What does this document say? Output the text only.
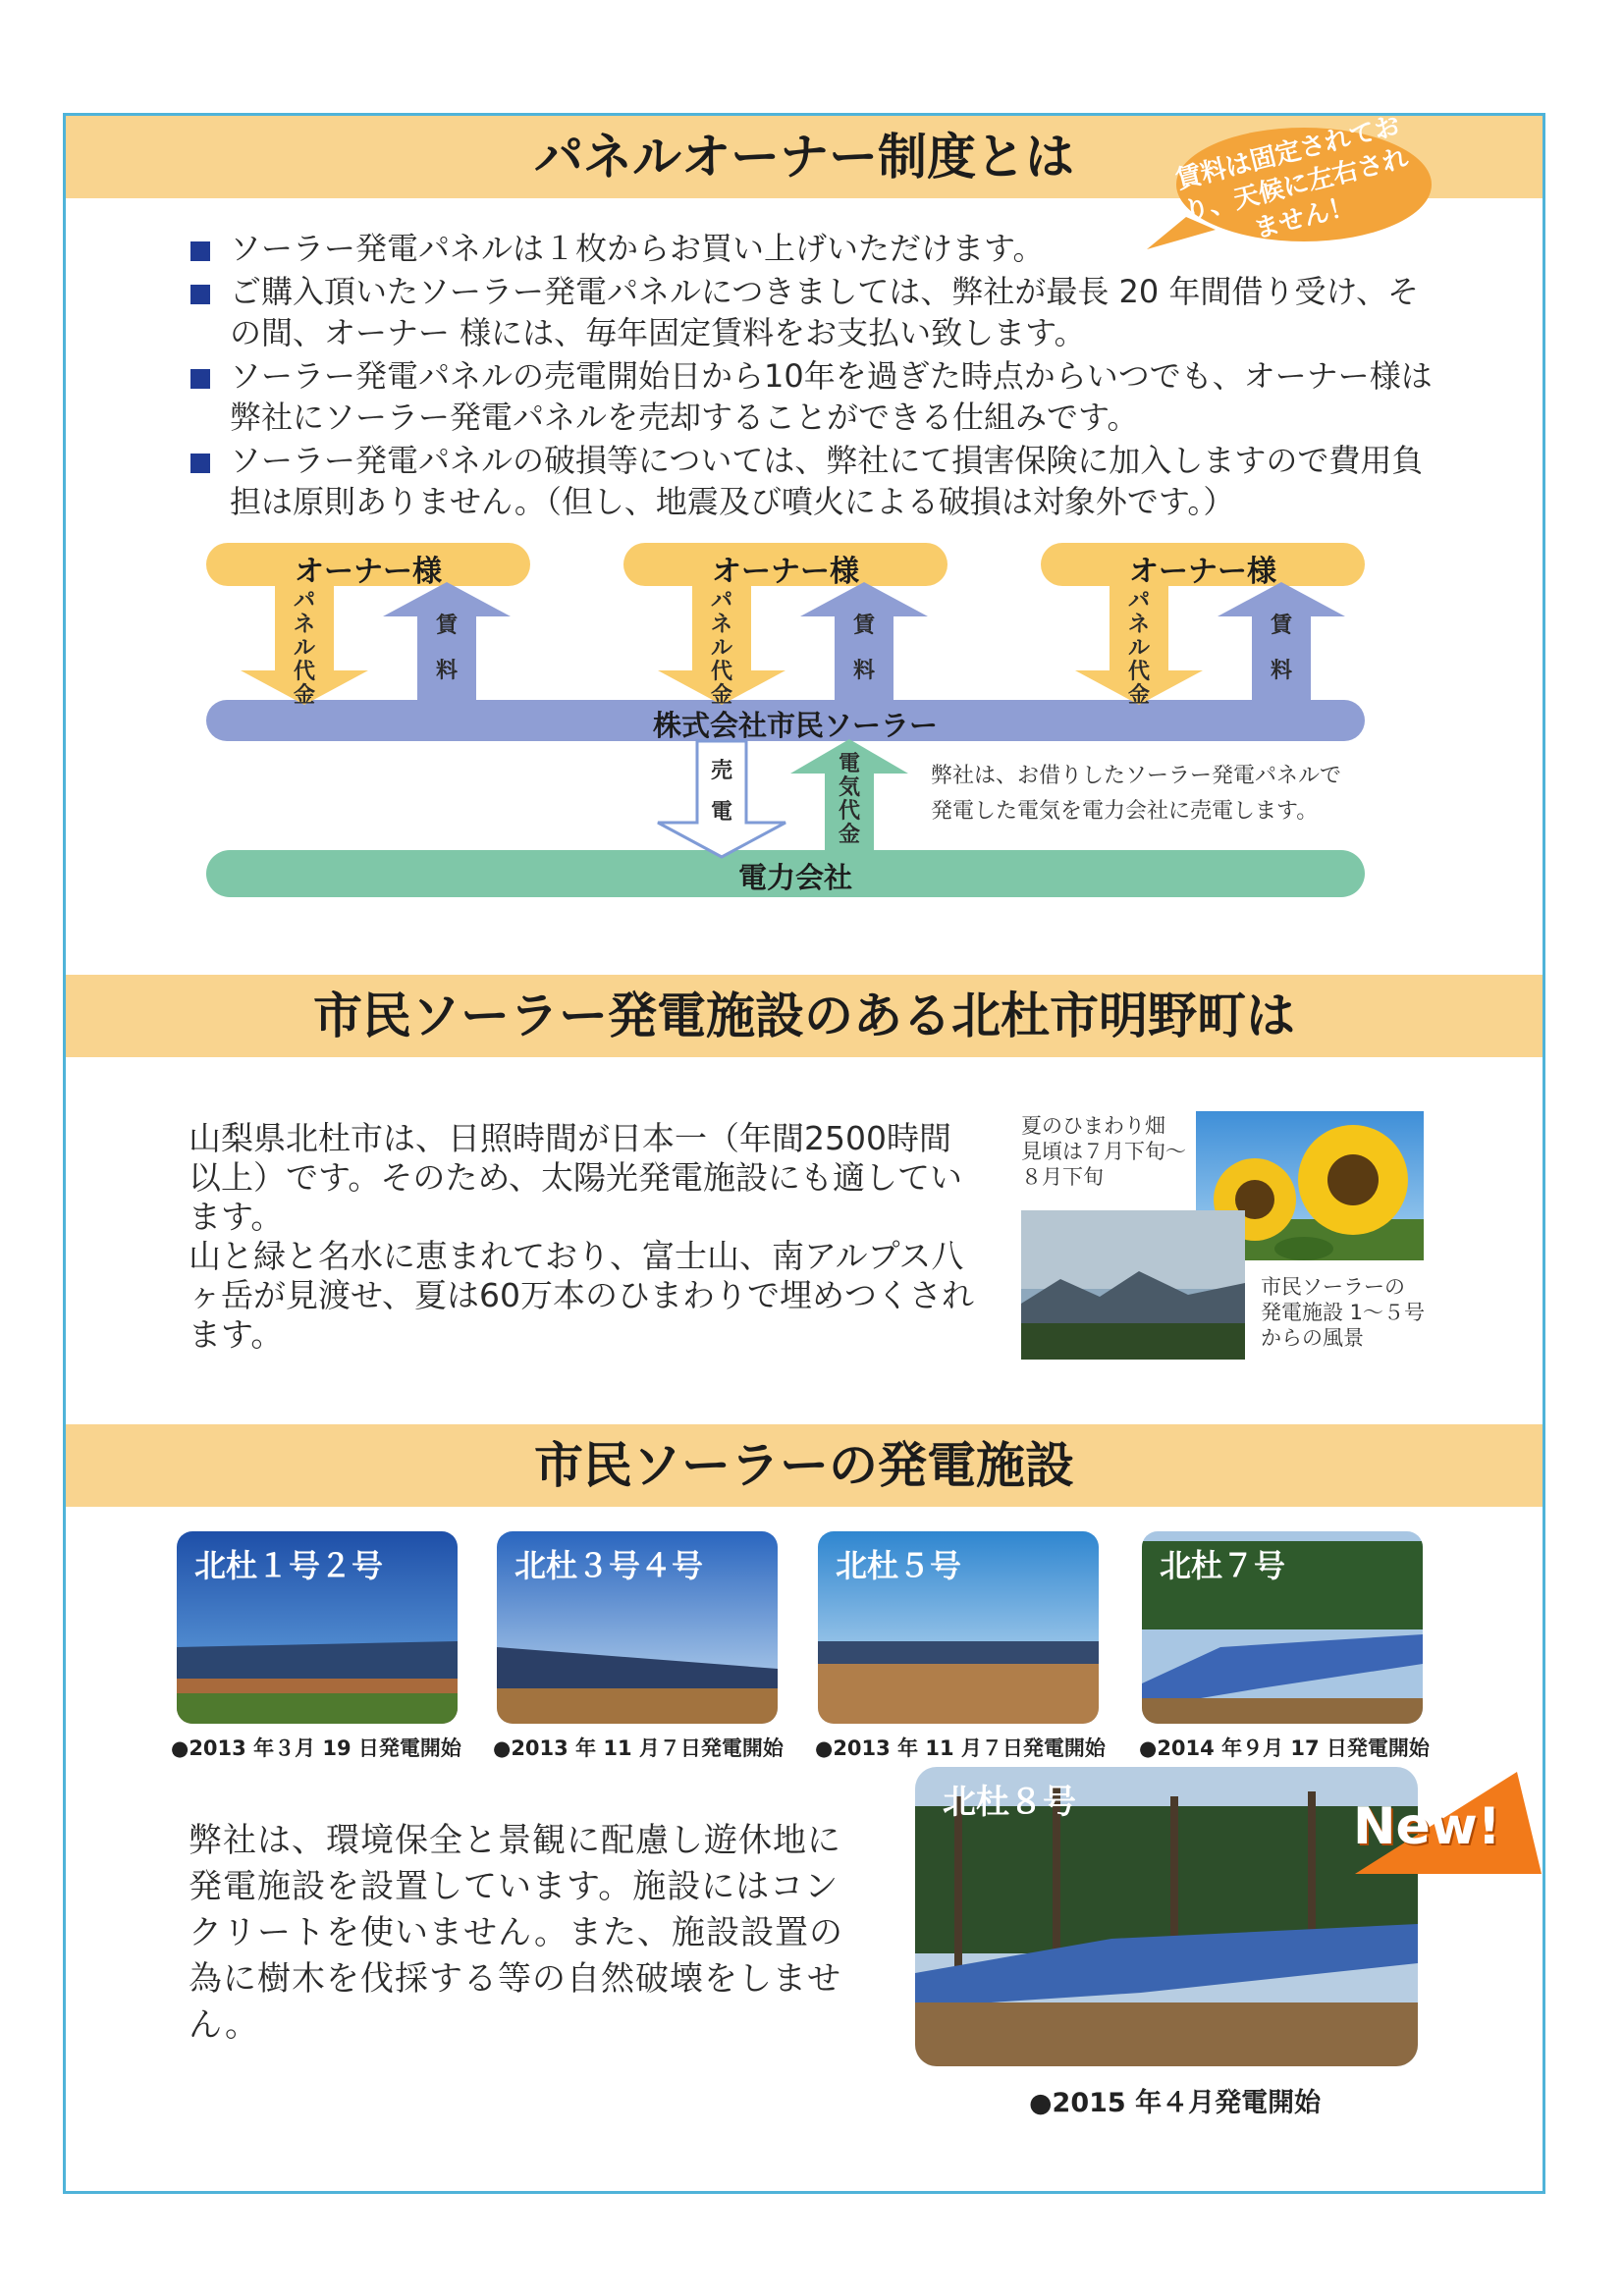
パネルオーナー制度とは	賃料は固定されており、天候に左右されません！
ソーラー発電パネルは１枚からお買い上げいただけます。
ご購入頂いたソーラー発電パネルにつきましては、弊社が最長 20 年間借り受け、その間、オーナー 様には、毎年固定賃料をお支払い致します。
ソーラー発電パネルの売電開始日から10年を過ぎた時点からいつでも、オーナー様は弊社にソーラー発電パネルを売却することができる仕組みです。
ソーラー発電パネルの破損等については、弊社にて損害保険に加入しますので費用負担は原則ありません。（但し、地震及び噴火による破損は対象外です。）
オーナー様	オーナー様	オーナー様
パネル代金
パネル代金
パネル代金
賃料
賃料
賃料
株式会社市民ソーラー
売電
電気代金
電力会社
弊社は、お借りしたソーラー発電パネルで
発電した電気を電力会社に売電します。
市民ソーラー発電施設のある北杜市明野町は
山梨県北杜市は、日照時間が日本一（年間2500時間以上）です。そのため、太陽光発電施設にも適しています。
山と緑と名水に恵まれており、富士山、南アルプス八ヶ岳が見渡せ、夏は60万本のひまわりで埋めつくされます。
夏のひまわり畑
見頃は７月下旬〜
８月下旬
市民ソーラーの
発電施設 1〜５号
からの風景
市民ソーラーの発電施設
北杜１号２号	北杜３号４号	北杜５号	北杜７号
●2013 年３月 19 日発電開始 ●2013 年 11 月７日発電開始 ●2013 年 11 月７日発電開始 ●2014 年９月 17 日発電開始
弊社は、環境保全と景観に配慮し遊休地に発電施設を設置しています。施設にはコンクリートを使いません。また、施設設置の為に樹木を伐採する等の自然破壊をしません。
北杜８号	New!
●2015 年４月発電開始
